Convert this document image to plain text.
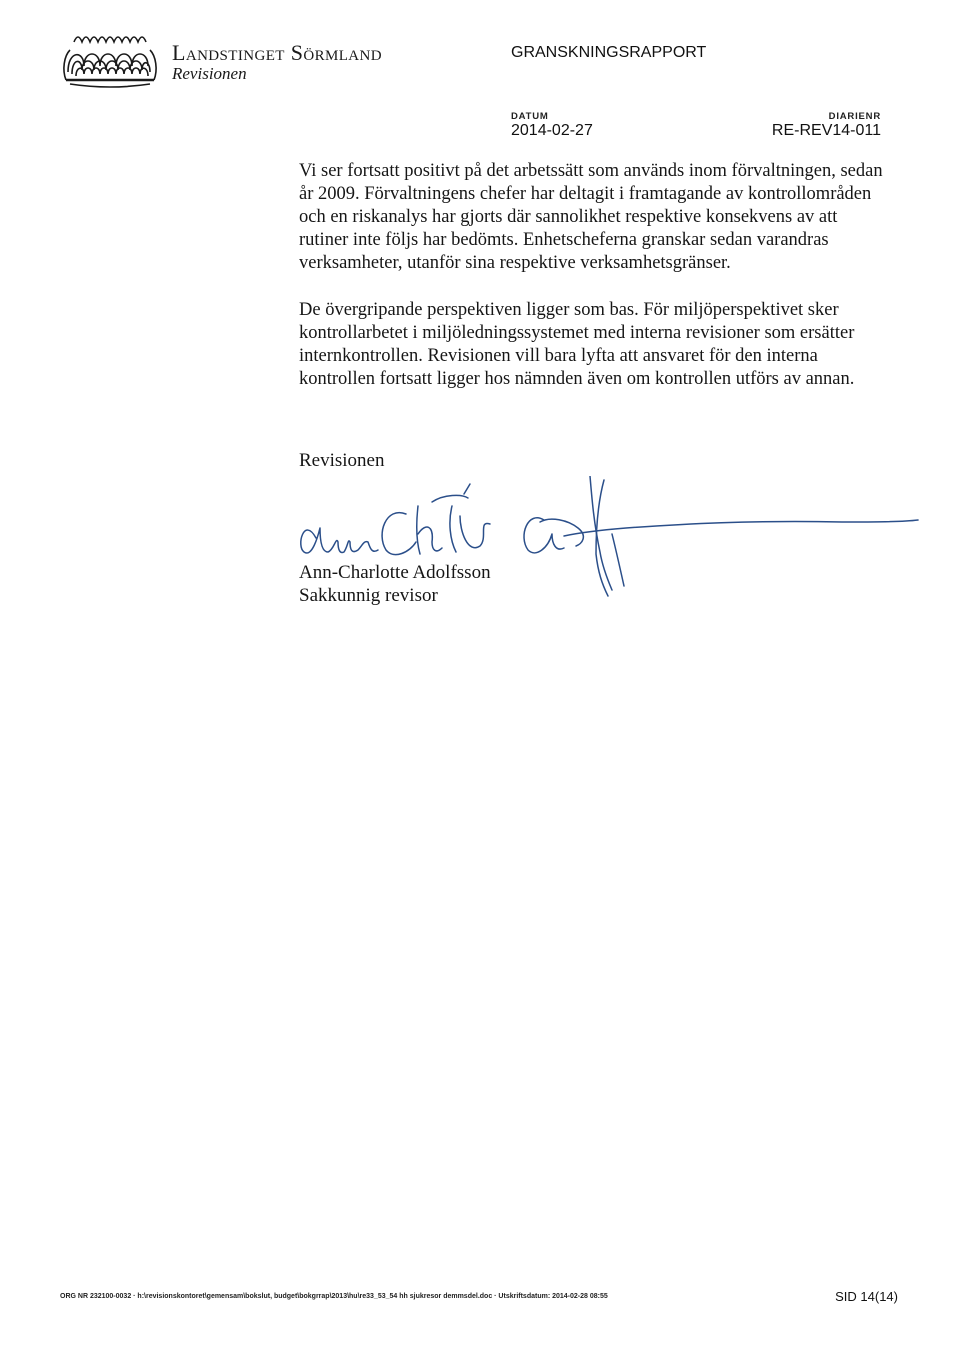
Landstinget Sörmland
Revisionen
GRANSKNINGSRAPPORT
DATUM
2014-02-27
DIARIENR
RE-REV14-011

Vi ser fortsatt positivt på det arbetssätt som används inom förvaltningen, sedan år 2009. Förvaltningens chefer har deltagit i framtagande av kontrollområden och en riskanalys har gjorts där sannolikhet respektive konsekvens av att rutiner inte följs har bedömts. Enhetscheferna granskar sedan varandras verksamheter, utanför sina respektive verksamhetsgränser.

De övergripande perspektiven ligger som bas. För miljöperspektivet sker kontrollarbetet i miljöledningssystemet med interna revisioner som ersätter internkontrollen. Revisionen vill bara lyfta att ansvaret för den interna kontrollen fortsatt ligger hos nämnden även om kontrollen utförs av annan.

Revisionen
Ann-Charlotte Adolfsson
Sakkunnig revisor
ORG NR 232100-0032 · h:\revisionskontoret\gemensam\bokslut, budget\bokgrrap\2013\hu\re33_53_54 hh sjukresor demmsdel.doc · Utskriftsdatum: 2014-02-28 08:55	SID 14(14)
